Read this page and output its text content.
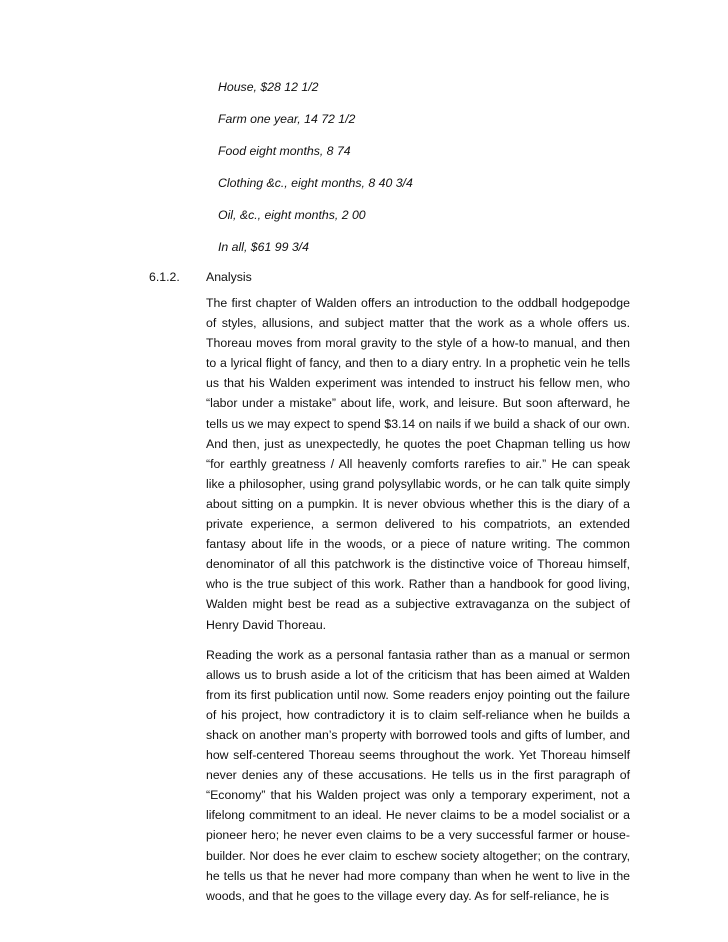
House, $28 12 1/2
Farm one year, 14 72 1/2
Food eight months, 8 74
Clothing &c., eight months, 8 40 3/4
Oil, &c., eight months, 2 00
In all, $61 99 3/4
6.1.2. Analysis

The first chapter of Walden offers an introduction to the oddball hodgepodge of styles, allusions, and subject matter that the work as a whole offers us. Thoreau moves from moral gravity to the style of a how-to manual, and then to a lyrical flight of fancy, and then to a diary entry. In a prophetic vein he tells us that his Walden experiment was intended to instruct his fellow men, who “labor under a mistake” about life, work, and leisure. But soon afterward, he tells us we may expect to spend $3.14 on nails if we build a shack of our own. And then, just as unexpectedly, he quotes the poet Chapman telling us how “for earthly greatness / All heavenly comforts rarefies to air.” He can speak like a philosopher, using grand polysyllabic words, or he can talk quite simply about sitting on a pumpkin. It is never obvious whether this is the diary of a private experience, a sermon delivered to his compatriots, an extended fantasy about life in the woods, or a piece of nature writing. The common denominator of all this patchwork is the distinctive voice of Thoreau himself, who is the true subject of this work. Rather than a handbook for good living, Walden might best be read as a subjective extravaganza on the subject of Henry David Thoreau.

Reading the work as a personal fantasia rather than as a manual or sermon allows us to brush aside a lot of the criticism that has been aimed at Walden from its first publication until now. Some readers enjoy pointing out the failure of his project, how contradictory it is to claim self-reliance when he builds a shack on another man’s property with borrowed tools and gifts of lumber, and how self-centered Thoreau seems throughout the work. Yet Thoreau himself never denies any of these accusations. He tells us in the first paragraph of “Economy” that his Walden project was only a temporary experiment, not a lifelong commitment to an ideal. He never claims to be a model socialist or a pioneer hero; he never even claims to be a very successful farmer or house-builder. Nor does he ever claim to eschew society altogether; on the contrary, he tells us that he never had more company than when he went to live in the woods, and that he goes to the village every day. As for self-reliance, he is
